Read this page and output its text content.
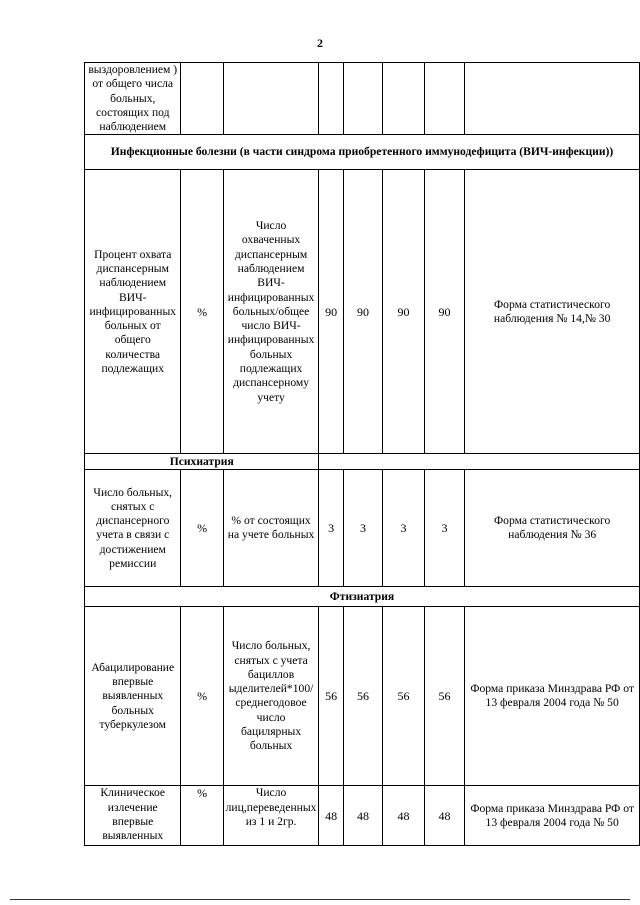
2
выздоровлением ) от общего числа больных, состоящих под наблюдением							
Инфекционные болезни (в части синдрома приобретенного иммунодефицита (ВИЧ-инфекции))							
Процент охвата диспансерным наблюдением ВИЧ-инфицированных больных от общего количества подлежащих	%	Число охваченных диспансерным наблюдением ВИЧ-инфицированных больных/общее число ВИЧ-инфицированных больных подлежащих диспансерному учету	90	90	90	90	Форма статистического наблюдения № 14,№ 30
Психиатрия							
Число больных, снятых с диспансерного учета в связи с достижением ремиссии	%	% от состоящих на учете больных	3	3	3	3	Форма статистического наблюдения № 36
Фтизиатрия							
Абацилирование впервые выявленных больных туберкулезом	%	Число больных, снятых с учета бациллов ыделителей*100/среднегодовое число бацилярных больных	56	56	56	56	Форма приказа Минздрава РФ от 13 февраля 2004 года № 50
Клиническое излечение впервые выявленных	%	Число лиц,переведенных из 1 и 2гр.	48	48	48	48	Форма приказа Минздрава РФ от 13 февраля 2004 года № 50
